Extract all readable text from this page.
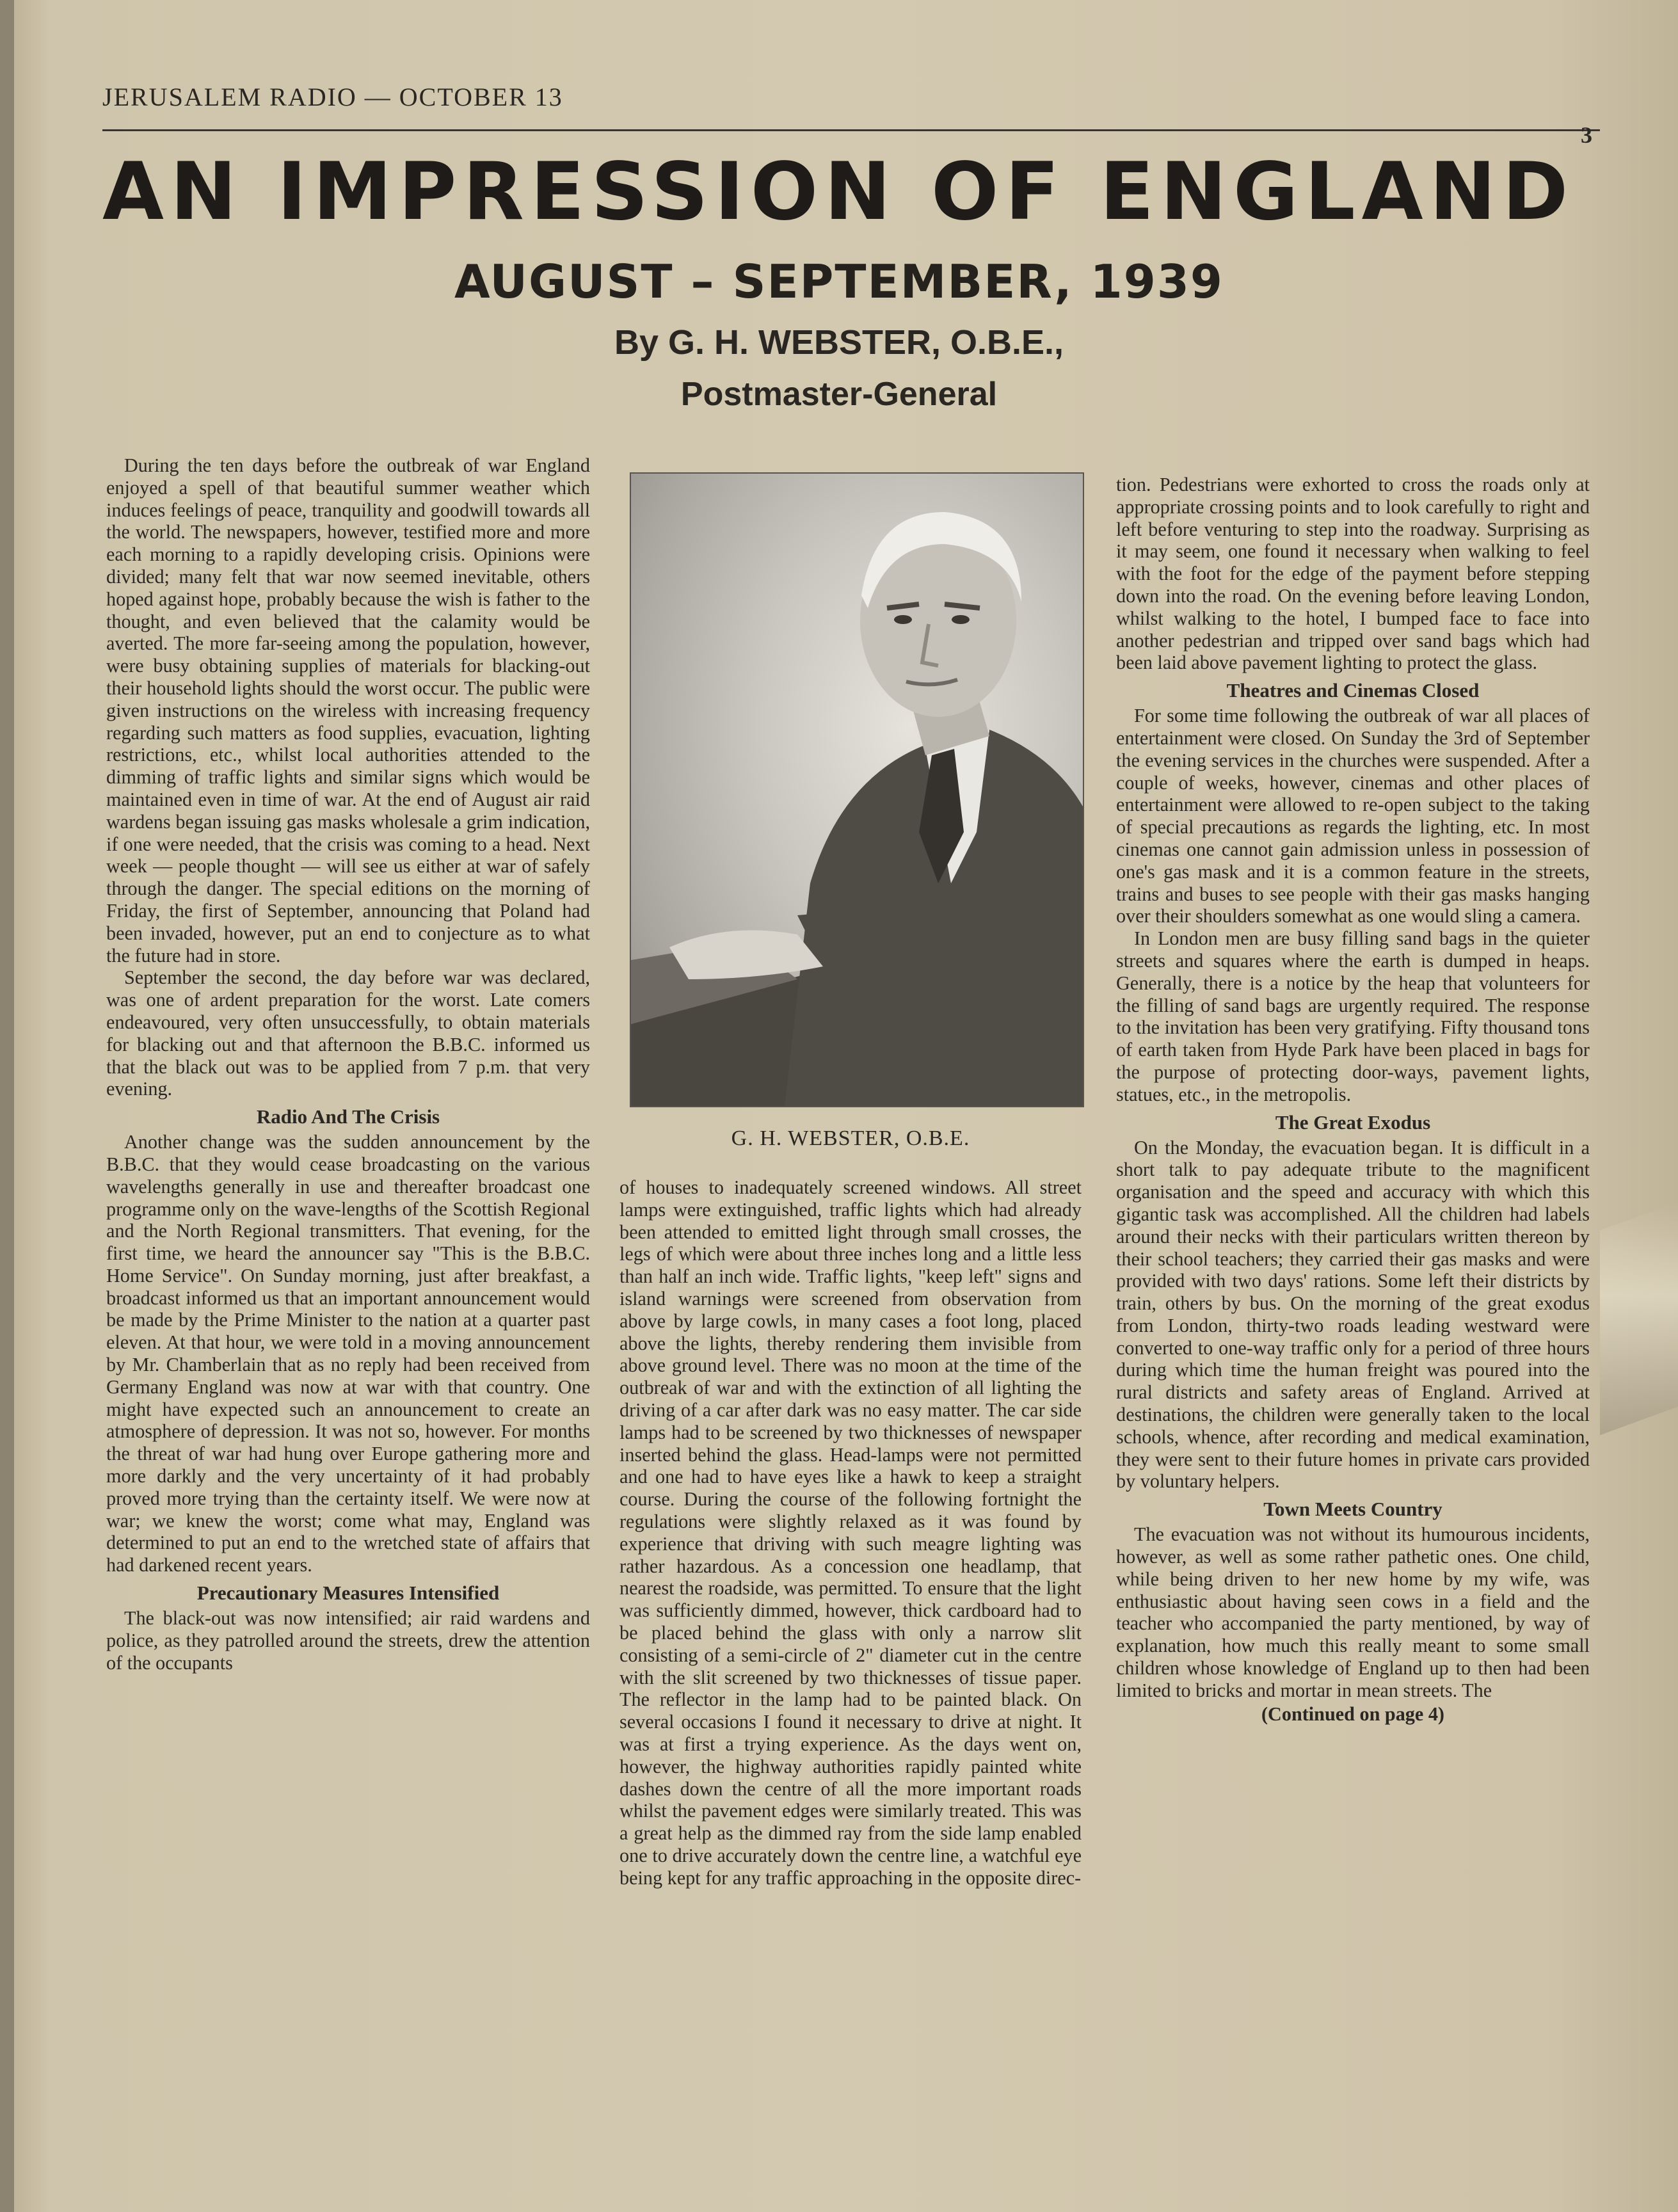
JERUSALEM RADIO — OCTOBER 13
3
AN IMPRESSION OF ENGLAND
AUGUST – SEPTEMBER, 1939
By G. H. WEBSTER, O.B.E.,
Postmaster-General

During the ten days before the outbreak of war England enjoyed a spell of that beautiful summer weather which induces feelings of peace, tranquility and goodwill towards all the world. The newspapers, however, testified more and more each morning to a rapidly developing crisis. Opinions were divided; many felt that war now seemed inevitable, others hoped against hope, probably because the wish is father to the thought, and even believed that the calamity would be averted. The more far-seeing among the population, however, were busy obtaining supplies of materials for blacking-out their household lights should the worst occur. The public were given instructions on the wireless with increasing frequency regarding such matters as food supplies, evacuation, lighting restrictions, etc., whilst local authorities attended to the dimming of traffic lights and similar signs which would be maintained even in time of war. At the end of August air raid wardens began issuing gas masks wholesale a grim indication, if one were needed, that the crisis was coming to a head. Next week — people thought — will see us either at war of safely through the danger. The special editions on the morning of Friday, the first of September, announcing that Poland had been invaded, however, put an end to conjecture as to what the future had in store.

September the second, the day before war was declared, was one of ardent preparation for the worst. Late comers endeavoured, very often unsuccessfully, to obtain materials for blacking out and that afternoon the B.B.C. informed us that the black out was to be applied from 7 p.m. that very evening.

Radio And The Crisis

Another change was the sudden announcement by the B.B.C. that they would cease broadcasting on the various wavelengths generally in use and thereafter broadcast one programme only on the wave-lengths of the Scottish Regional and the North Regional transmitters. That evening, for the first time, we heard the announcer say "This is the B.B.C. Home Service". On Sunday morning, just after breakfast, a broadcast informed us that an important announcement would be made by the Prime Minister to the nation at a quarter past eleven. At that hour, we were told in a moving announcement by Mr. Chamberlain that as no reply had been received from Germany England was now at war with that country. One might have expected such an announcement to create an atmosphere of depression. It was not so, however. For months the threat of war had hung over Europe gathering more and more darkly and the very uncertainty of it had probably proved more trying than the certainty itself. We were now at war; we knew the worst; come what may, England was determined to put an end to the wretched state of affairs that had darkened recent years.

Precautionary Measures Intensified

The black-out was now intensified; air raid wardens and police, as they patrolled around the streets, drew the attention of the occupants

G. H. WEBSTER, O.B.E.

of houses to inadequately screened windows. All street lamps were extinguished, traffic lights which had already been attended to emitted light through small crosses, the legs of which were about three inches long and a little less than half an inch wide. Traffic lights, "keep left" signs and island warnings were screened from observation from above by large cowls, in many cases a foot long, placed above the lights, thereby rendering them invisible from above ground level. There was no moon at the time of the outbreak of war and with the extinction of all lighting the driving of a car after dark was no easy matter. The car side lamps had to be screened by two thicknesses of newspaper inserted behind the glass. Head-lamps were not permitted and one had to have eyes like a hawk to keep a straight course. During the course of the following fortnight the regulations were slightly relaxed as it was found by experience that driving with such meagre lighting was rather hazardous. As a concession one headlamp, that nearest the roadside, was permitted. To ensure that the light was sufficiently dimmed, however, thick cardboard had to be placed behind the glass with only a narrow slit consisting of a semi-circle of 2" diameter cut in the centre with the slit screened by two thicknesses of tissue paper. The reflector in the lamp had to be painted black. On several occasions I found it necessary to drive at night. It was at first a trying experience. As the days went on, however, the highway authorities rapidly painted white dashes down the centre of all the more important roads whilst the pavement edges were similarly treated. This was a great help as the dimmed ray from the side lamp enabled one to drive accurately down the centre line, a watchful eye being kept for any traffic approaching in the opposite direc-

tion. Pedestrians were exhorted to cross the roads only at appropriate crossing points and to look carefully to right and left before venturing to step into the roadway. Surprising as it may seem, one found it necessary when walking to feel with the foot for the edge of the payment before stepping down into the road. On the evening before leaving London, whilst walking to the hotel, I bumped face to face into another pedestrian and tripped over sand bags which had been laid above pavement lighting to protect the glass.

Theatres and Cinemas Closed

For some time following the outbreak of war all places of entertainment were closed. On Sunday the 3rd of September the evening services in the churches were suspended. After a couple of weeks, however, cinemas and other places of entertainment were allowed to re-open subject to the taking of special precautions as regards the lighting, etc. In most cinemas one cannot gain admission unless in possession of one's gas mask and it is a common feature in the streets, trains and buses to see people with their gas masks hanging over their shoulders somewhat as one would sling a camera.

In London men are busy filling sand bags in the quieter streets and squares where the earth is dumped in heaps. Generally, there is a notice by the heap that volunteers for the filling of sand bags are urgently required. The response to the invitation has been very gratifying. Fifty thousand tons of earth taken from Hyde Park have been placed in bags for the purpose of protecting door-ways, pavement lights, statues, etc., in the metropolis.

The Great Exodus

On the Monday, the evacuation began. It is difficult in a short talk to pay adequate tribute to the magnificent organisation and the speed and accuracy with which this gigantic task was accomplished. All the children had labels around their necks with their particulars written thereon by their school teachers; they carried their gas masks and were provided with two days' rations. Some left their districts by train, others by bus. On the morning of the great exodus from London, thirty-two roads leading westward were converted to one-way traffic only for a period of three hours during which time the human freight was poured into the rural districts and safety areas of England. Arrived at destinations, the children were generally taken to the local schools, whence, after recording and medical examination, they were sent to their future homes in private cars provided by voluntary helpers.

Town Meets Country

The evacuation was not without its humourous incidents, however, as well as some rather pathetic ones. One child, while being driven to her new home by my wife, was enthusiastic about having seen cows in a field and the teacher who accompanied the party mentioned, by way of explanation, how much this really meant to some small children whose knowledge of England up to then had been limited to bricks and mortar in mean streets. The

(Continued on page 4)
